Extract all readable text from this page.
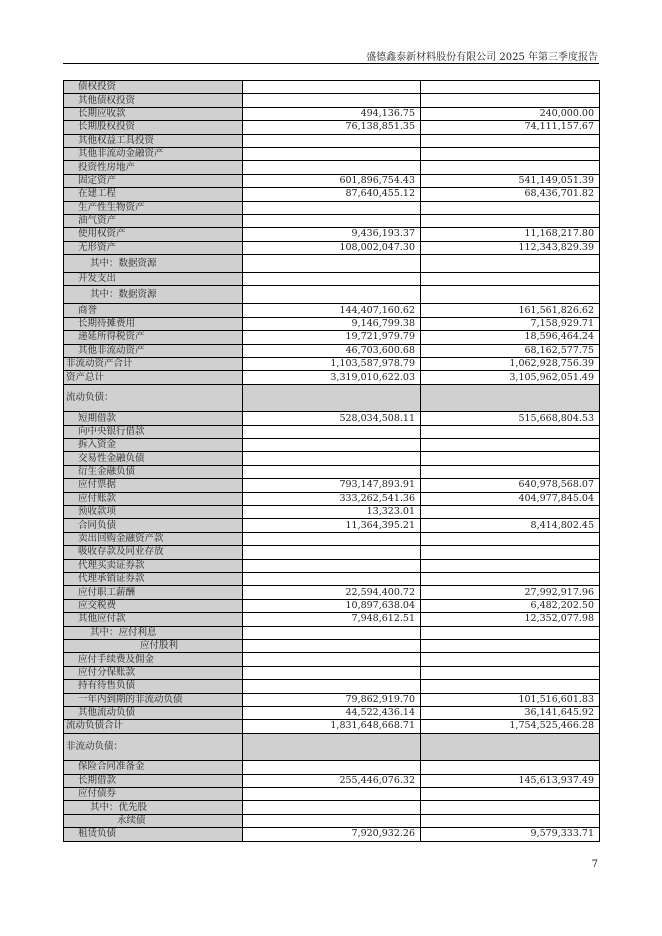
盛德鑫泰新材料股份有限公司 2025 年第三季度报告
债权投资		
其他债权投资		
长期应收款	494,136.75	240,000.00
长期股权投资	76,138,851.35	74,111,157.67
其他权益工具投资		
其他非流动金融资产		
投资性房地产		
固定资产	601,896,754.43	541,149,051.39
在建工程	87,640,455.12	68,436,701.82
生产性生物资产		
油气资产		
使用权资产	9,436,193.37	11,168,217.80
无形资产	108,002,047.30	112,343,829.39
其中：数据资源		
开发支出		
其中：数据资源		
商誉	144,407,160.62	161,561,826.62
长期待摊费用	9,146,799.38	7,158,929.71
递延所得税资产	19,721,979.79	18,596,464.24
其他非流动资产	46,703,600.68	68,162,577.75
非流动资产合计	1,103,587,978.79	1,062,928,756.39
资产总计	3,319,010,622.03	3,105,962,051.49
流动负债：		
短期借款	528,034,508.11	515,668,804.53
向中央银行借款		
拆入资金		
交易性金融负债		
衍生金融负债		
应付票据	793,147,893.91	640,978,568.07
应付账款	333,262,541.36	404,977,845.04
预收款项	13,323.01	
合同负债	11,364,395.21	8,414,802.45
卖出回购金融资产款		
吸收存款及同业存放		
代理买卖证券款		
代理承销证券款		
应付职工薪酬	22,594,400.72	27,992,917.96
应交税费	10,897,638.04	6,482,202.50
其他应付款	7,948,612.51	12,352,077.98
其中：应付利息		
应付股利		
应付手续费及佣金		
应付分保账款		
持有待售负债		
一年内到期的非流动负债	79,862,919.70	101,516,601.83
其他流动负债	44,522,436.14	36,141,645.92
流动负债合计	1,831,648,668.71	1,754,525,466.28
非流动负债：		
保险合同准备金		
长期借款	255,446,076.32	145,613,937.49
应付债券		
其中：优先股		
永续债		
租赁负债	7,920,932.26	9,579,333.71
7
